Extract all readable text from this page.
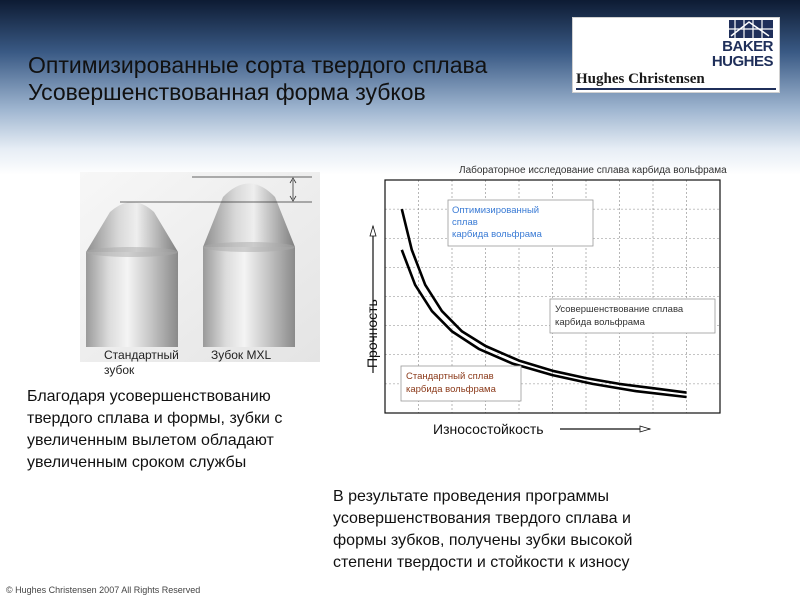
Оптимизированные сорта твердого сплава
Усовершенствованная форма зубков
BAKER
HUGHES
Hughes Christensen
Стандартный зубок
Зубок MXL
Благодаря усовершенствованию
твердого сплава и формы, зубки с
увеличенным вылетом обладают
увеличенным сроком службы
Лабораторное исследование сплава карбида вольфрама
Прочность
Износостойкость
Оптимизированный сплав карбида вольфрама
Усовершенствование сплава карбида вольфрама
Стандартный сплав карбида вольфрама
В результате проведения программы
усовершенствования твердого сплава и
формы зубков, получены зубки высокой
степени твердости и стойкости к износу
© Hughes Christensen 2007 All Rights Reserved
